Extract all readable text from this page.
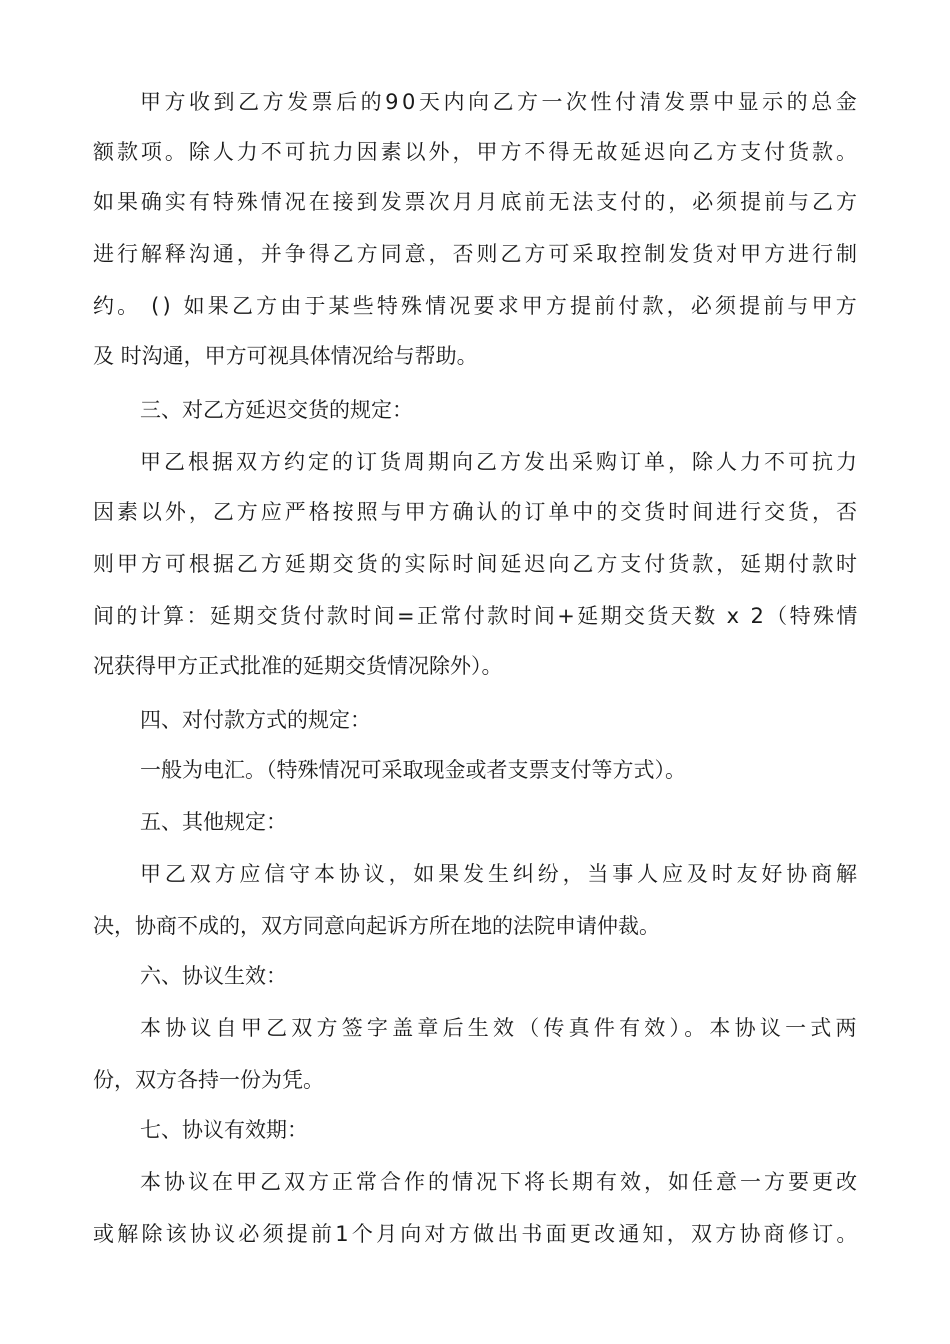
甲方收到乙方发票后的90天内向乙方一次性付清发票中显示的总金
额款项。除人力不可抗力因素以外，甲方不得无故延迟向乙方支付货款。
如果确实有特殊情况在接到发票次月月底前无法支付的，必须提前与乙方
进行解释沟通，并争得乙方同意，否则乙方可采取控制发货对甲方进行制
约。 () 如果乙方由于某些特殊情况要求甲方提前付款，必须提前与甲方
及 时沟通，甲方可视具体情况给与帮助。
三、对乙方延迟交货的规定：
甲乙根据双方约定的订货周期向乙方发出采购订单，除人力不可抗力
因素以外，乙方应严格按照与甲方确认的订单中的交货时间进行交货，否
则甲方可根据乙方延期交货的实际时间延迟向乙方支付货款，延期付款时
间的计算：延期交货付款时间=正常付款时间+延期交货天数 x 2（特殊情
况获得甲方正式批准的延期交货情况除外）。
四、对付款方式的规定：
一般为电汇。（特殊情况可采取现金或者支票支付等方式）。
五、其他规定：
甲乙双方应信守本协议，如果发生纠纷，当事人应及时友好协商解
决，协商不成的，双方同意向起诉方所在地的法院申请仲裁。
六、协议生效：
本协议自甲乙双方签字盖章后生效（传真件有效）。本协议一式两
份，双方各持一份为凭。
七、协议有效期：
本协议在甲乙双方正常合作的情况下将长期有效，如任意一方要更改
或解除该协议必须提前1个月向对方做出书面更改通知，双方协商修订。
